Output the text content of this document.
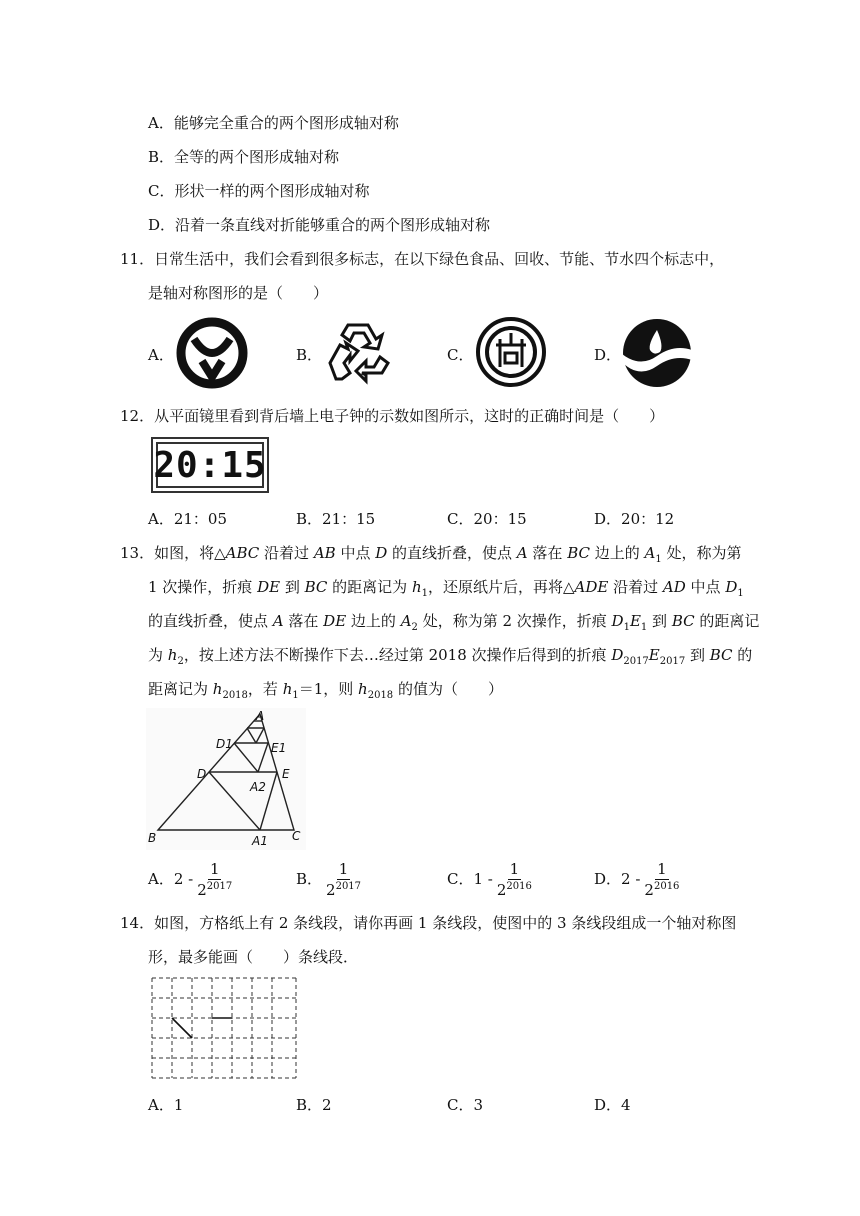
A．能够完全重合的两个图形成轴对称
B．全等的两个图形成轴对称
C．形状一样的两个图形成轴对称
D．沿着一条直线对折能够重合的两个图形成轴对称
11．日常生活中，我们会看到很多标志，在以下绿色食品、回收、节能、节水四个标志中，
是轴对称图形的是（　　）
A．	B．	C．	D．
12．从平面镜里看到背后墙上电子钟的示数如图所示，这时的正确时间是（　　）
20:15
A．21：05	B．21：15	C．20：15	D．20：12
13．如图，将△ABC 沿着过 AB 中点 D 的直线折叠，使点 A 落在 BC 边上的 $A_1$ 处，称为第
1 次操作，折痕 DE 到 BC 的距离记为 $h_1$，还原纸片后，再将△ADE 沿着过 AD 中点 $D_1$
的直线折叠，使点 A 落在 DE 边上的 $A_2$ 处，称为第 2 次操作，折痕 $D_1E_1$ 到 BC 的距离记
为 $h_2$，按上述方法不断操作下去…经过第 2018 次操作后得到的折痕 $D_{2017}E_{2017}$ 到 BC 的
距离记为 $h_{2018}$，若 $h_1=1$，则 $h_{2018}$ 的值为（　　）
A
D1	E1
D	E
A2
B	A1 C
A．$2 - \frac{1}{2^{2017}}$	B． $\frac{1}{2^{2017}}$	C．$1 - \frac{1}{2^{2016}}$	D．$2 - \frac{1}{2^{2016}}$
14．如图，方格纸上有 2 条线段，请你再画 1 条线段，使图中的 3 条线段组成一个轴对称图
形，最多能画（　　）条线段．
A．1	B．2	C．3	D．4
